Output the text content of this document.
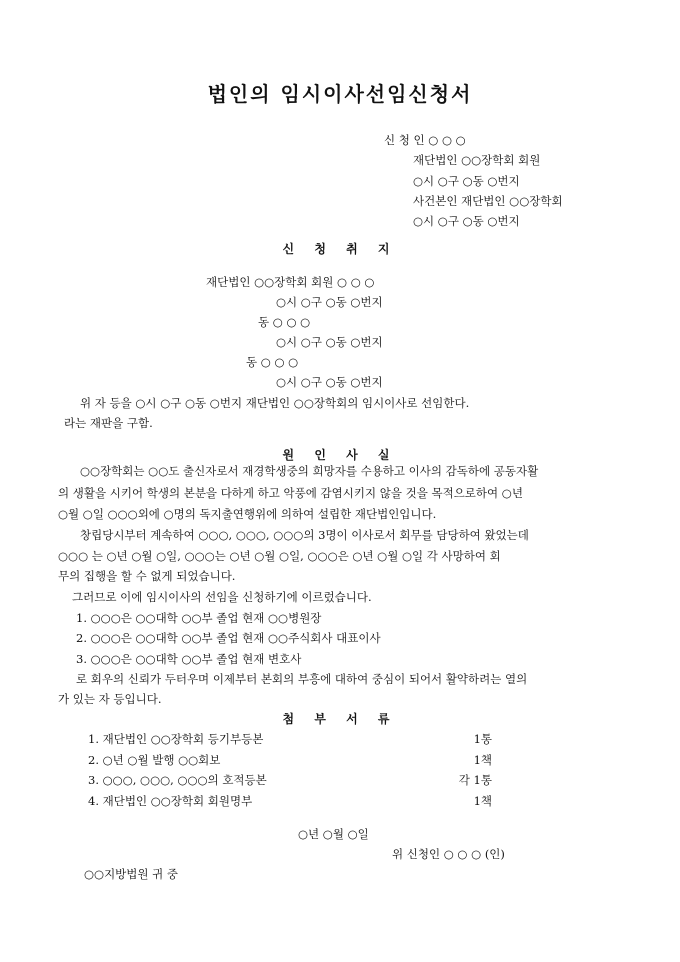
법인의 임시이사선임신청서
신 청 인 ○ ○ ○
재단법인 ○○장학회 회원
○시 ○구 ○동 ○번지
사건본인 재단법인 ○○장학회
○시 ○구 ○동 ○번지
신 청 취 지
재단법인 ○○장학회 회원 ○ ○ ○
○시 ○구 ○동 ○번지
동 ○ ○ ○
○시 ○구 ○동 ○번지
동 ○ ○ ○
○시 ○구 ○동 ○번지
위 자 등을 ○시 ○구 ○동 ○번지 재단법인 ○○장학회의 임시이사로 선임한다.
라는 재판을 구함.
원 인 사 실
○○장학회는 ○○도 출신자로서 재경학생중의 희망자를 수용하고 이사의 감독하에 공동자활
의 생활을 시키어 학생의 본분을 다하게 하고 악풍에 감염시키지 않을 것을 목적으로하여 ○년
○월 ○일 ○○○외에 ○명의 독지출연행위에 의하여 설립한 재단법인입니다.
창립당시부터 계속하여 ○○○, ○○○, ○○○의 3명이 이사로서 회무를 담당하여 왔었는데
○○○ 는 ○년 ○월 ○일, ○○○는 ○년 ○월 ○일, ○○○은 ○년 ○월 ○일 각 사망하여 회
무의 집행을 할 수 없게 되었습니다.
그러므로 이에 임시이사의 선임을 신청하기에 이르렀습니다.
1. ○○○은 ○○대학 ○○부 졸업 현재 ○○병원장
2. ○○○은 ○○대학 ○○부 졸업 현재 ○○주식회사 대표이사
3. ○○○은 ○○대학 ○○부 졸업 현재 변호사
로 회우의 신뢰가 두터우며 이제부터 본회의 부흥에 대하여 중심이 되어서 활약하려는 열의
가 있는 자 등입니다.
첨 부 서 류
1. 재단법인 ○○장학회 등기부등본	1통
2. ○년 ○월 발행 ○○회보	1책
3. ○○○, ○○○, ○○○의 호적등본	각 1통
4. 재단법인 ○○장학회 회원명부	1책
○년 ○월 ○일
위 신청인 ○ ○ ○ (인)
○○지방법원 귀 중
